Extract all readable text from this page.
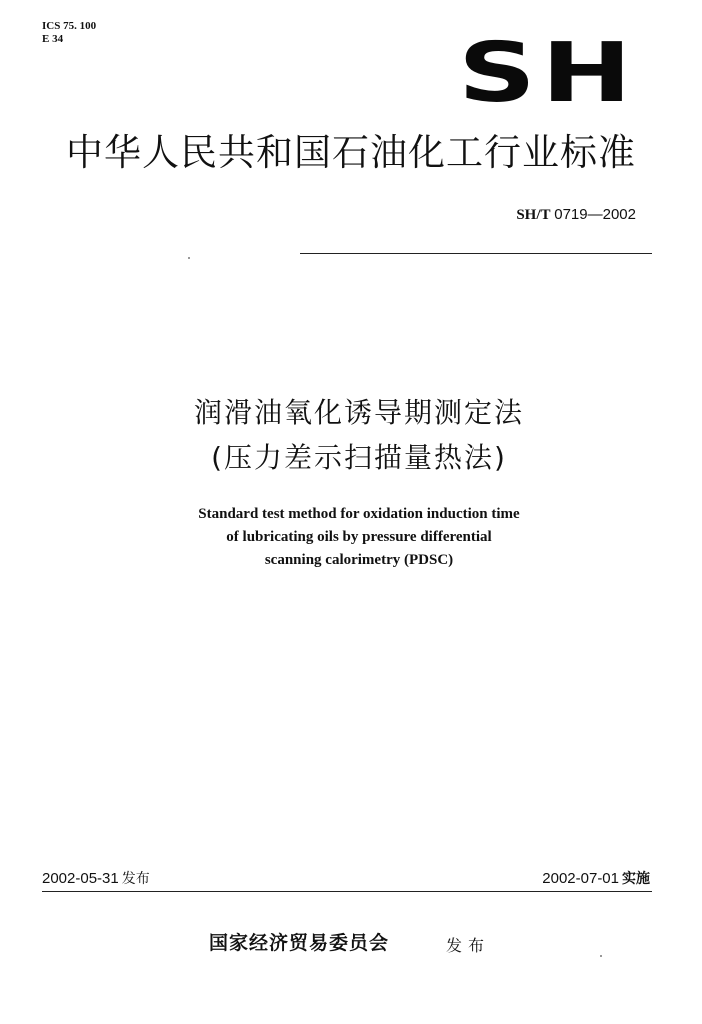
ICS 75. 100
E 34	SH
中华人民共和国石油化工行业标准
SH/T 0719—2002
润滑油氧化诱导期测定法
(压力差示扫描量热法)
Standard test method for oxidation induction time
of lubricating oils by pressure differential
scanning calorimetry (PDSC)
2002-05-31 发布	2002-07-01 实施
国家经济贸易委员会	发布
